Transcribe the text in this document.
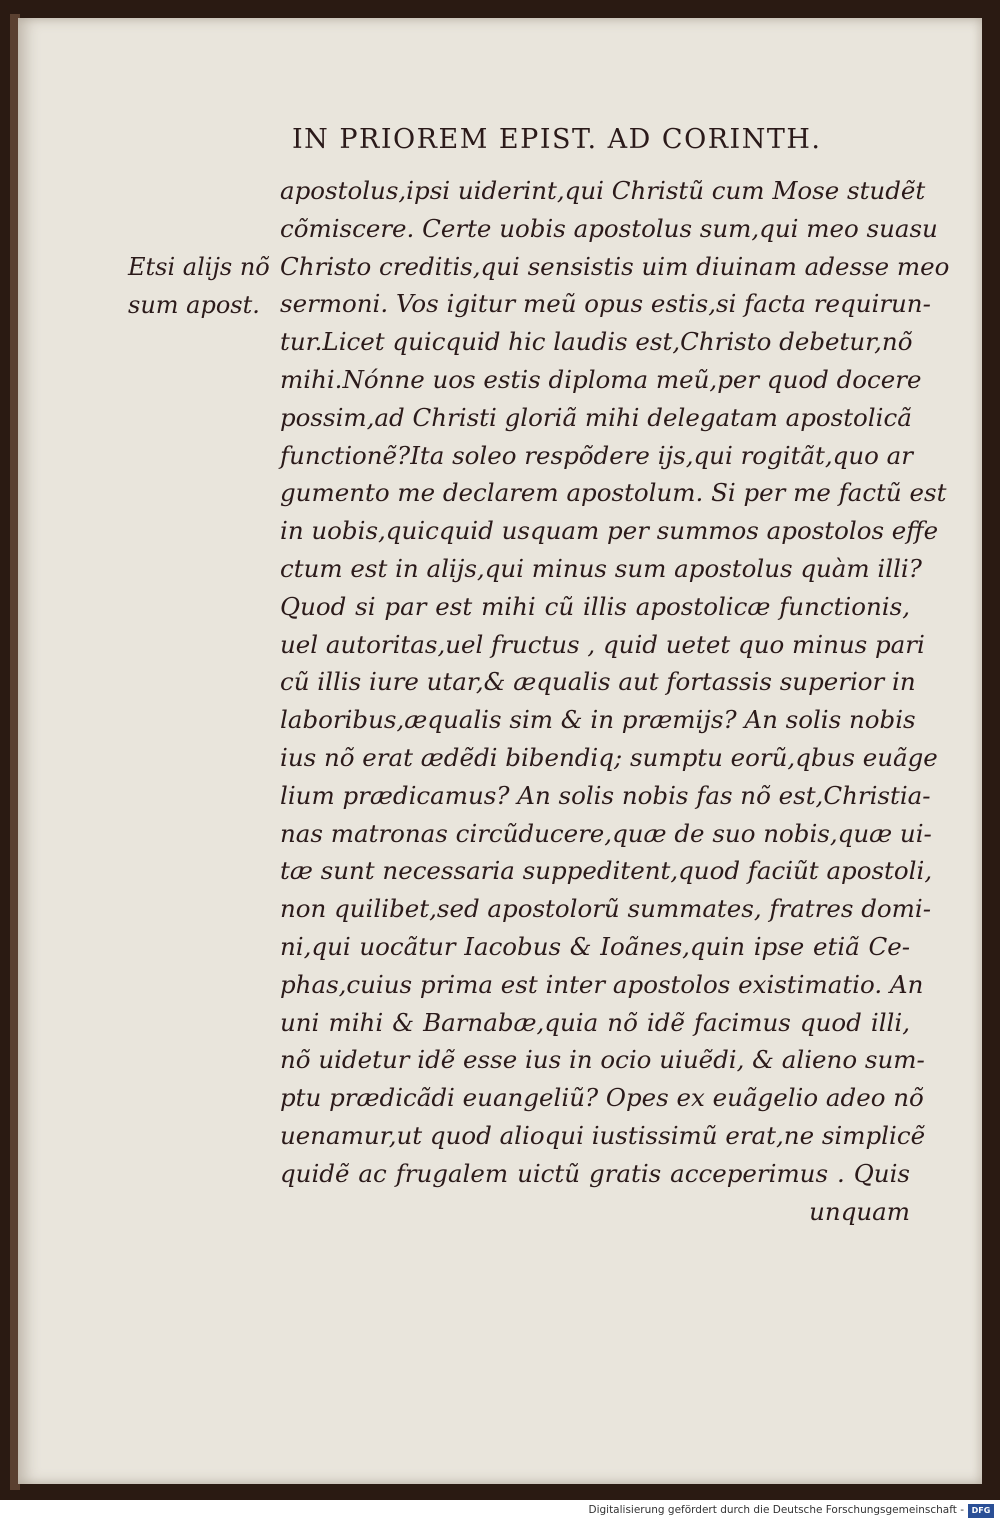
IN PRIOREM EPIST. AD CORINTH.
Etsi alijs nõ
sum apost.
apostolus,ipsi uiderint,qui Christũ cum Mose studẽt
cõmiscere. Certe uobis apostolus sum,qui meo suasu
Christo creditis,qui sensistis uim diuinam adesse meo
sermoni. Vos igitur meũ opus estis,si facta requirun-
tur.Licet quicquid hic laudis est,Christo debetur,nõ
mihi.Nónne uos estis diploma meũ,per quod docere
possim,ad Christi gloriã mihi delegatam apostolicã
functionẽ?Ita soleo respõdere ijs,qui rogitãt,quo ar
gumento me declarem apostolum. Si per me factũ est
in uobis,quicquid usquam per summos apostolos effe
ctum est in alijs,qui minus sum apostolus quàm illi?
Quod si par est mihi cũ illis apostolicæ functionis,
uel autoritas,uel fructus , quid uetet quo minus pari
cũ illis iure utar,& æqualis aut fortassis superior in
laboribus,æqualis sim & in præmijs? An solis nobis
ius nõ erat ædẽdi bibendiq; sumptu eorũ,qbus euãge
lium prædicamus? An solis nobis fas nõ est,Christia-
nas matronas circũducere,quæ de suo nobis,quæ ui-
tæ sunt necessaria suppeditent,quod faciũt apostoli,
non quilibet,sed apostolorũ summates, fratres domi-
ni,qui uocãtur Iacobus & Ioãnes,quin ipse etiã Ce-
phas,cuius prima est inter apostolos existimatio. An
uni mihi & Barnabæ,quia nõ idẽ facimus quod illi,
nõ uidetur idẽ esse ius in ocio uiuẽdi, & alieno sum-
ptu prædicãdi euangeliũ? Opes ex euãgelio adeo nõ
uenamur,ut quod alioqui iustissimũ erat,ne simplicẽ
quidẽ ac frugalem uictũ gratis acceperimus . Quis
unquam
Digitalisierung gefördert durch die Deutsche Forschungsgemeinschaft - DFG
